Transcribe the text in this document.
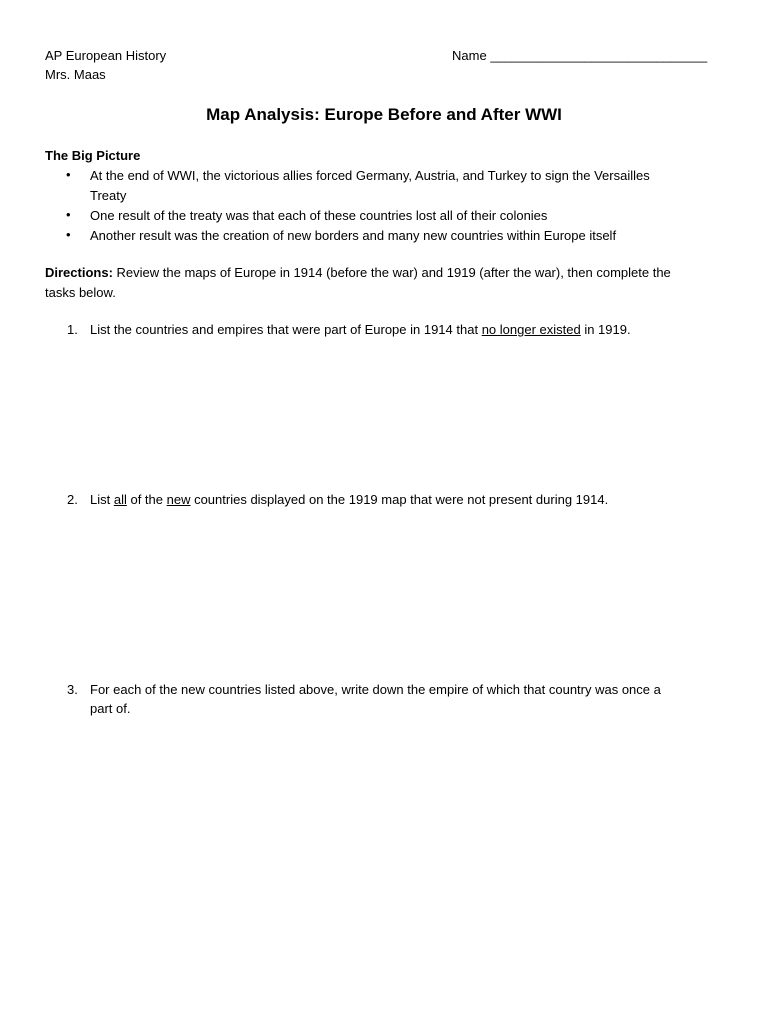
AP European History
Mrs. Maas
Name ______________________________
Map Analysis: Europe Before and After WWI
The Big Picture
• At the end of WWI, the victorious allies forced Germany, Austria, and Turkey to sign the Versailles
Treaty
• One result of the treaty was that each of these countries lost all of their colonies
• Another result was the creation of new borders and many new countries within Europe itself
Directions: Review the maps of Europe in 1914 (before the war) and 1919 (after the war), then complete the
tasks below.
1. List the countries and empires that were part of Europe in 1914 that no longer existed in 1919.
2. List all of the new countries displayed on the 1919 map that were not present during 1914.
3. For each of the new countries listed above, write down the empire of which that country was once a
part of.
